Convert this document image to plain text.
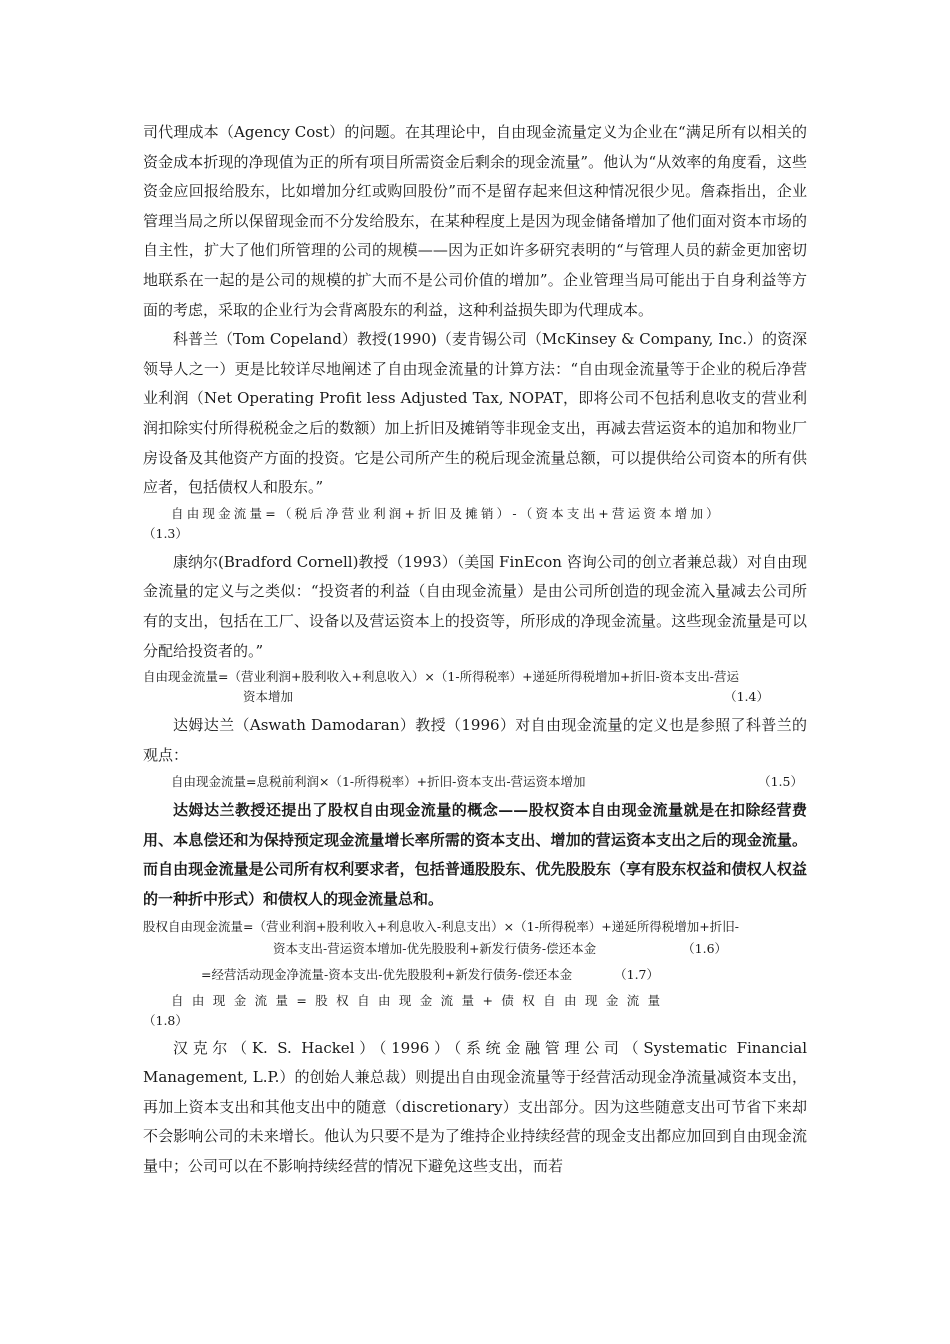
司代理成本（Agency Cost）的问题。在其理论中，自由现金流量定义为企业在“满足所有以相关的资金成本折现的净现值为正的所有项目所需资金后剩余的现金流量”。他认为“从效率的角度看，这些资金应回报给股东，比如增加分红或购回股份”而不是留存起来但这种情况很少见。詹森指出，企业管理当局之所以保留现金而不分发给股东，在某种程度上是因为现金储备增加了他们面对资本市场的自主性，扩大了他们所管理的公司的规模——因为正如许多研究表明的“与管理人员的薪金更加密切地联系在一起的是公司的规模的扩大而不是公司价值的增加”。企业管理当局可能出于自身利益等方面的考虑，采取的企业行为会背离股东的利益，这种利益损失即为代理成本。

科普兰（Tom Copeland）教授(1990)（麦肯锡公司（McKinsey & Company, Inc.）的资深领导人之一）更是比较详尽地阐述了自由现金流量的计算方法：“自由现金流量等于企业的税后净营业利润（Net Operating Profit less Adjusted Tax, NOPAT，即将公司不包括利息收支的营业利润扣除实付所得税税金之后的数额）加上折旧及摊销等非现金支出，再减去营运资本的追加和物业厂房设备及其他资产方面的投资。它是公司所产生的税后现金流量总额，可以提供给公司资本的所有供应者，包括债权人和股东。”

自由现金流量=（税后净营业利润+折旧及摊销）-（资本支出+营运资本增加）

（1.3）

康纳尔(Bradford Cornell)教授（1993）（美国 FinEcon 咨询公司的创立者兼总裁）对自由现金流量的定义与之类似：“投资者的利益（自由现金流量）是由公司所创造的现金流入量减去公司所有的支出，包括在工厂、设备以及营运资本上的投资等，所形成的净现金流量。这些现金流量是可以分配给投资者的。”

自由现金流量=（营业利润+股利收入+利息收入）×（1-所得税率）+递延所得税增加+折旧-资本支出-营运

资本增加	（1.4）

达姆达兰（Aswath Damodaran）教授（1996）对自由现金流量的定义也是参照了科普兰的观点：

自由现金流量=息税前利润×（1-所得税率）+折旧-资本支出-营运资本增加	（1.5）

达姆达兰教授还提出了股权自由现金流量的概念——股权资本自由现金流量就是在扣除经营费用、本息偿还和为保持预定现金流量增长率所需的资本支出、增加的营运资本支出之后的现金流量。而自由现金流量是公司所有权利要求者，包括普通股股东、优先股股东（享有股东权益和债权人权益的一种折中形式）和债权人的现金流量总和。

股权自由现金流量=（营业利润+股利收入+利息收入-利息支出）×（1-所得税率）+递延所得税增加+折旧-

资本支出-营运资本增加-优先股股利+新发行债务-偿还本金	（1.6）
=经营活动现金净流量-资本支出-优先股股利+新发行债务-偿还本金	（1.7）

自由现金流量=股权自由现金流量+债权自由现金流量

（1.8）

汉克尔（K. S. Hackel）（1996）（系统金融管理公司（Systematic Financial Management, L.P.）的创始人兼总裁）则提出自由现金流量等于经营活动现金净流量减资本支出，再加上资本支出和其他支出中的随意（discretionary）支出部分。因为这些随意支出可节省下来却不会影响公司的未来增长。他认为只要不是为了维持企业持续经营的现金支出都应加回到自由现金流量中；公司可以在不影响持续经营的情况下避免这些支出，而若
